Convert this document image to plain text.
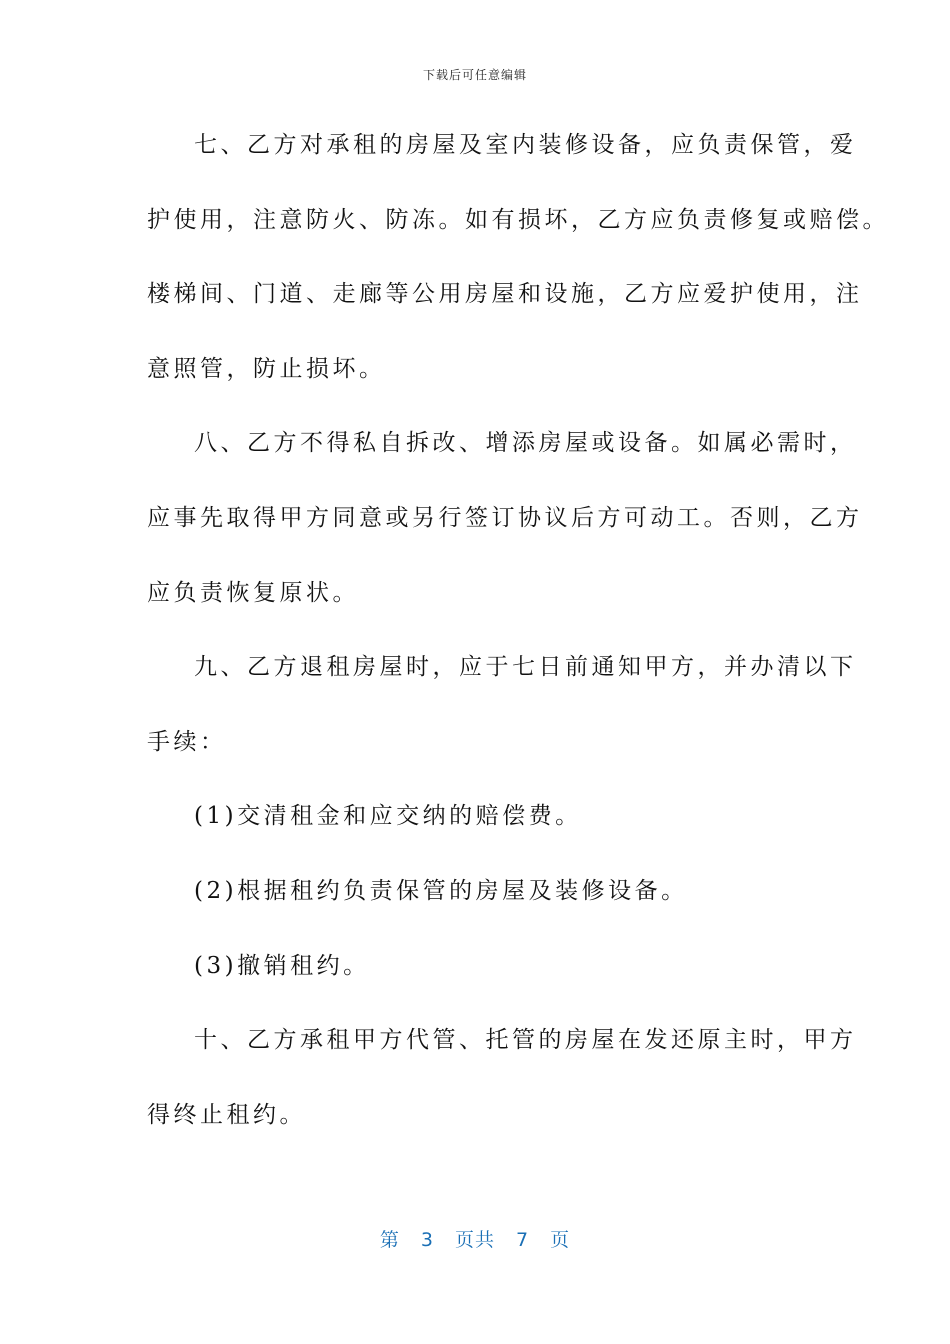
下载后可任意编辑
七、乙方对承租的房屋及室内装修设备，应负责保管，爱
护使用，注意防火、防冻。如有损坏，乙方应负责修复或赔偿。
楼梯间、门道、走廊等公用房屋和设施，乙方应爱护使用，注
意照管，防止损坏。
八、乙方不得私自拆改、增添房屋或设备。如属必需时，
应事先取得甲方同意或另行签订协议后方可动工。否则，乙方
应负责恢复原状。
九、乙方退租房屋时，应于七日前通知甲方，并办清以下
手续：
(1)交清租金和应交纳的赔偿费。
(2)根据租约负责保管的房屋及装修设备。
(3)撤销租约。
十、乙方承租甲方代管、托管的房屋在发还原主时，甲方
得终止租约。
第 3 页共 7 页
